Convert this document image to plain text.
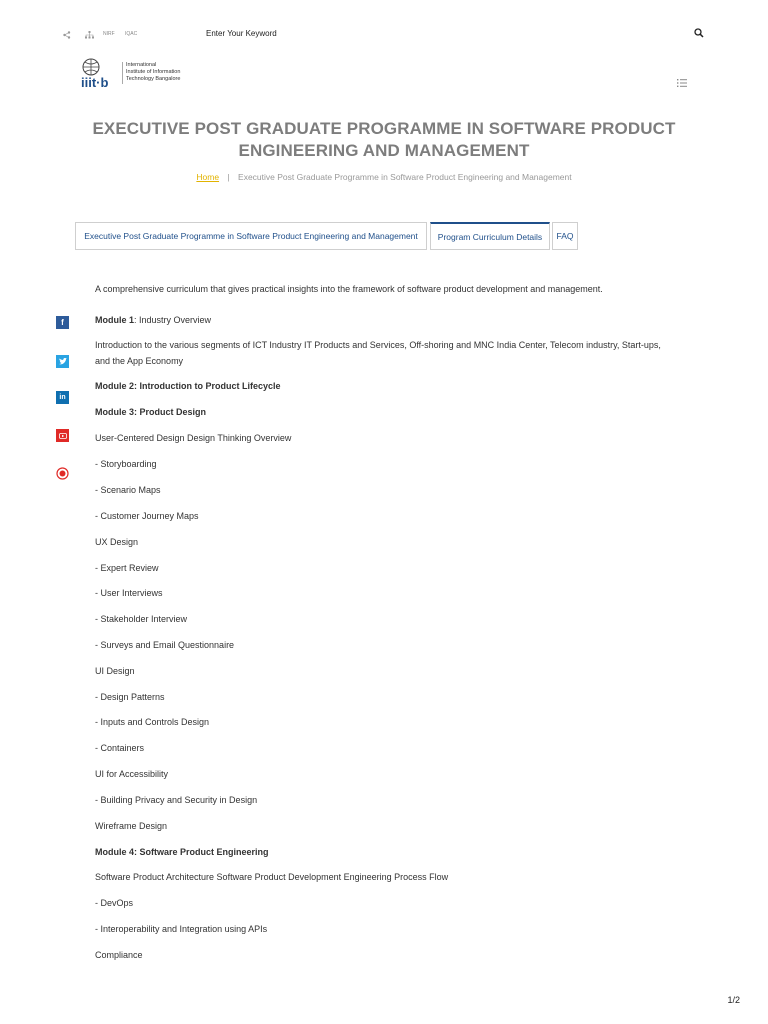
NIRF IQAC	Enter Your Keyword
iiit·b
International
Institute of Information
Technology Bangalore
EXECUTIVE POST GRADUATE PROGRAMME IN SOFTWARE PRODUCT
ENGINEERING AND MANAGEMENT
Home | Executive Post Graduate Programme in Software Product Engineering and Management
Executive Post Graduate Programme in Software Product Engineering and Management	Program Curriculum Details	FAQ
f
in
A comprehensive curriculum that gives practical insights into the framework of software product development and management.
Module 1: Industry Overview
Introduction to the various segments of ICT Industry IT Products and Services, Off-shoring and MNC India Center, Telecom industry, Start-ups, and the App Economy
Module 2: Introduction to Product Lifecycle
Module 3: Product Design
User-Centered Design Design Thinking Overview
- Storyboarding
- Scenario Maps
- Customer Journey Maps
UX Design
- Expert Review
- User Interviews
- Stakeholder Interview
- Surveys and Email Questionnaire
UI Design
- Design Patterns
- Inputs and Controls Design
- Containers
UI for Accessibility
- Building Privacy and Security in Design
Wireframe Design
Module 4: Software Product Engineering
Software Product Architecture Software Product Development Engineering Process Flow
- DevOps
- Interoperability and Integration using APIs
Compliance
1/2
